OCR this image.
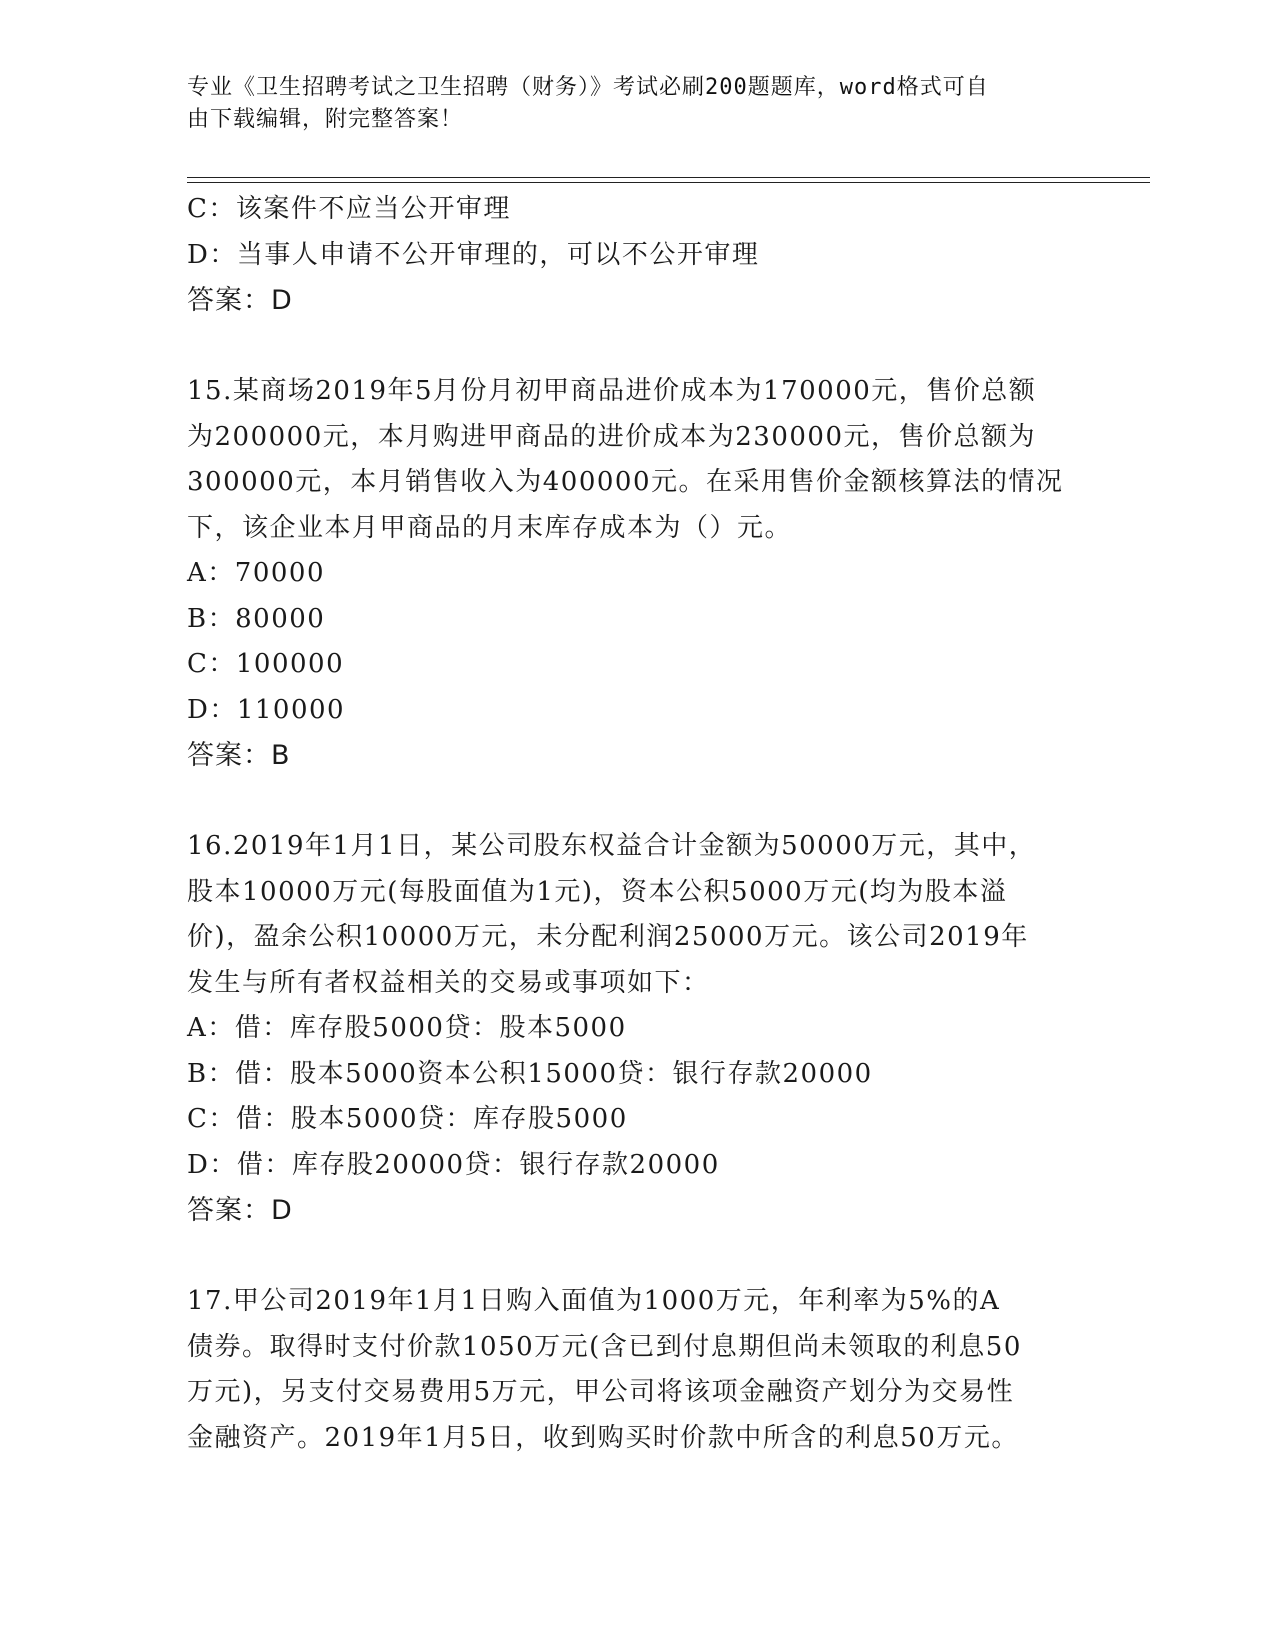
专业《卫生招聘考试之卫生招聘（财务）》考试必刷200题题库，word格式可自
由下载编辑，附完整答案！
C：该案件不应当公开审理
D：当事人申请不公开审理的，可以不公开审理
答案：D
15.某商场2019年5月份月初甲商品进价成本为170000元，售价总额
为200000元，本月购进甲商品的进价成本为230000元，售价总额为
300000元，本月销售收入为400000元。在采用售价金额核算法的情况
下，该企业本月甲商品的月末库存成本为（）元。
A：70000
B：80000
C：100000
D：110000
答案：B
16.2019年1月1日，某公司股东权益合计金额为50000万元，其中，
股本10000万元(每股面值为1元)，资本公积5000万元(均为股本溢
价)，盈余公积10000万元，未分配利润25000万元。该公司2019年
发生与所有者权益相关的交易或事项如下：
A：借：库存股5000贷：股本5000
B：借：股本5000资本公积15000贷：银行存款20000
C：借：股本5000贷：库存股5000
D：借：库存股20000贷：银行存款20000
答案：D
17.甲公司2019年1月1日购入面值为1000万元，年利率为5%的A
债券。取得时支付价款1050万元(含已到付息期但尚未领取的利息50
万元)，另支付交易费用5万元，甲公司将该项金融资产划分为交易性
金融资产。2019年1月5日，收到购买时价款中所含的利息50万元。
